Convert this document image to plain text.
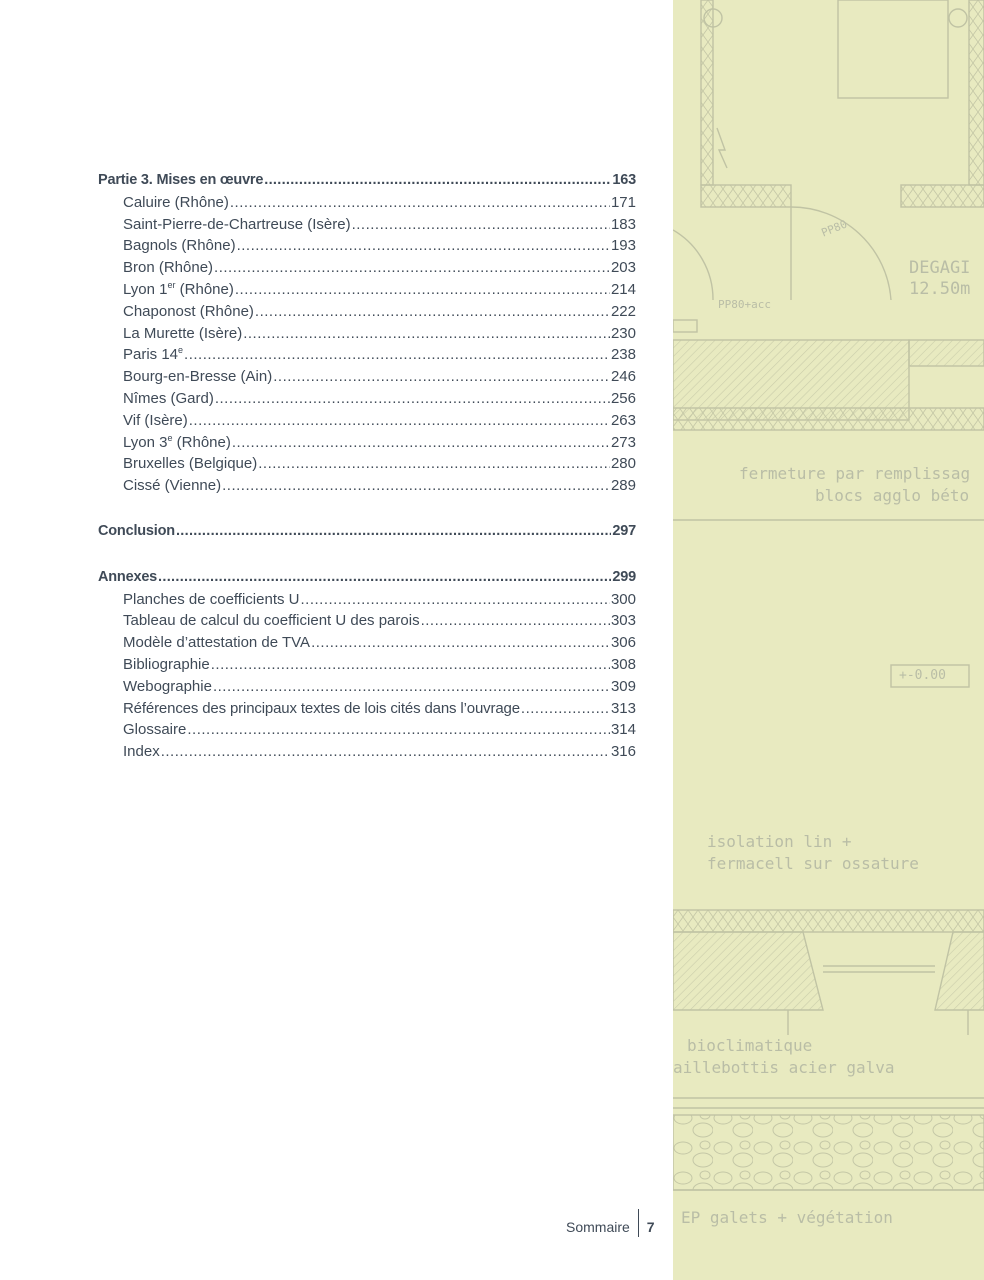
Partie 3. Mises en œuvre .....	163
Caluire (Rhône) .....	171
Saint-Pierre-de-Chartreuse (Isère) .....	183
Bagnols (Rhône) .....	193
Bron (Rhône) .....	203
Lyon 1er (Rhône) .....	214
Chaponost (Rhône) .....	222
La Murette (Isère) .....	230
Paris 14e .....	238
Bourg-en-Bresse (Ain) .....	246
Nîmes (Gard) .....	256
Vif (Isère) .....	263
Lyon 3e (Rhône) .....	273
Bruxelles (Belgique) .....	280
Cissé (Vienne) .....	289
Conclusion .....	297
Annexes .....	299
Planches de coefficients U .....	300
Tableau de calcul du coefficient U des parois .....	303
Modèle d’attestation de TVA .....	306
Bibliographie .....	308
Webographie .....	309
Références des principaux textes de lois cités dans l’ouvrage .....	313
Glossaire .....	314
Index .....	316
Sommaire 7
PP80
PP80+acc
DEGAGI
12.50m
fermeture par remplissag
blocs agglo béto
+-0.00
isolation lin +
fermacell sur ossature
bioclimatique
aillebottis acier galva
EP galets + végétation
